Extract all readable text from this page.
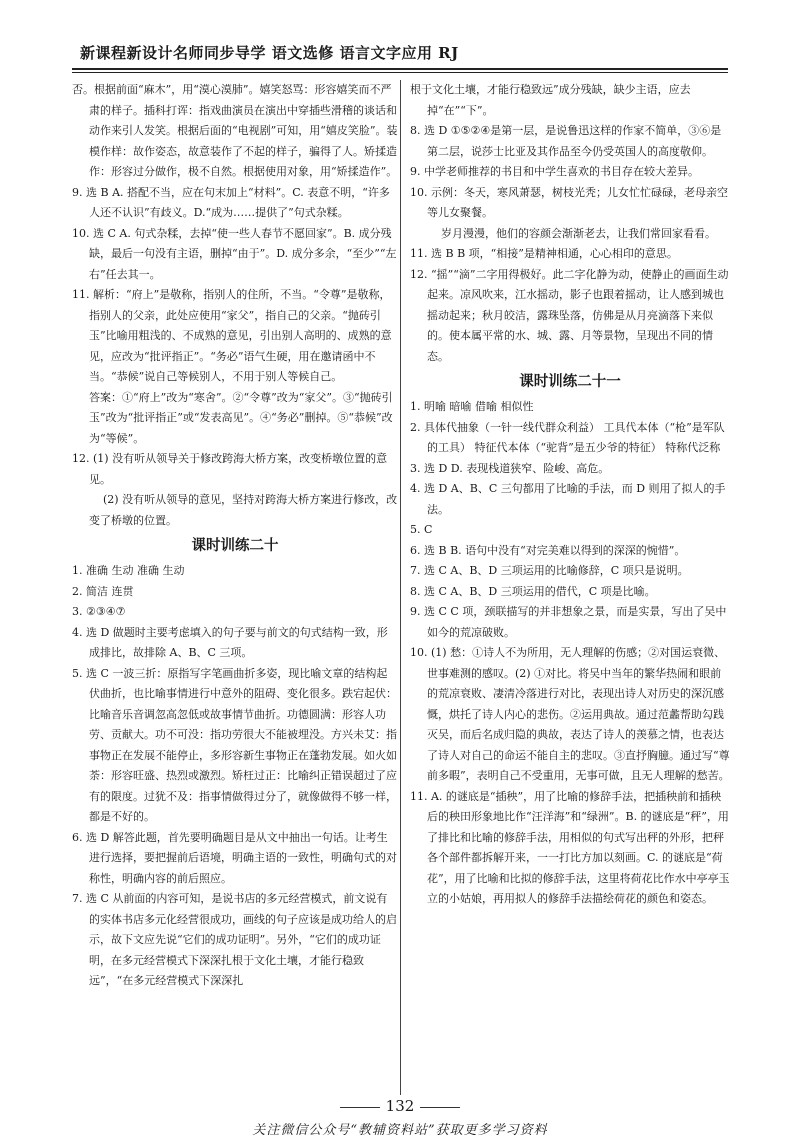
新课程新设计名师同步导学 语文选修 语言文字应用 RJ

否。根据前面“麻木”，用“漠心漠肺”。嬉笑怒骂：形容嬉笑而不严肃的样子。插科打诨：指戏曲演员在演出中穿插些滑稽的谈话和动作来引人发笑。根据后面的“电视剧”可知，用“嬉皮笑脸”。装模作样：故作姿态，故意装作了不起的样子，骗得了人。矫揉造作：形容过分做作，极不自然。根据使用对象，用“矫揉造作”。

9. 选 B A. 搭配不当，应在句末加上“材料”。C. 表意不明，“许多人还不认识”有歧义。D.“成为……提供了”句式杂糅。

10. 选 C A. 句式杂糅，去掉“使一些人春节不愿回家”。B. 成分残缺，最后一句没有主语，删掉“由于”。D. 成分多余，“至少”“左右”任去其一。

11. 解析：“府上”是敬称，指别人的住所，不当。“令尊”是敬称，指别人的父亲，此处应使用“家父”，指自己的父亲。“抛砖引玉”比喻用粗浅的、不成熟的意见，引出别人高明的、成熟的意见，应改为“批评指正”。“务必”语气生硬，用在邀请函中不当。“恭候”说自己等候别人，不用于别人等候自己。

答案：①“府上”改为“寒舍”。②“令尊”改为“家父”。③“抛砖引玉”改为“批评指正”或“发表高见”。④“务必”删掉。⑤“恭候”改为“等候”。

12. (1) 没有听从领导关于修改跨海大桥方案，改变桥墩位置的意见。

(2) 没有听从领导的意见，坚持对跨海大桥方案进行修改，改变了桥墩的位置。

课时训练二十

1. 准确 生动 准确 生动

2. 简洁 连贯

3. ②③④⑦

4. 选 D 做题时主要考虑填入的句子要与前文的句式结构一致，形成排比，故排除 A、B、C 三项。

5. 选 C 一波三折：原指写字笔画曲折多姿，现比喻文章的结构起伏曲折，也比喻事情进行中意外的阻碍、变化很多。跌宕起伏：比喻音乐音调忽高忽低或故事情节曲折。功德圆满：形容人功劳、贡献大。功不可没：指功劳很大不能被埋没。方兴未艾：指事物正在发展不能停止，多形容新生事物正在蓬勃发展。如火如荼：形容旺盛、热烈或激烈。矫枉过正：比喻纠正错误超过了应有的限度。过犹不及：指事情做得过分了，就像做得不够一样，都是不好的。

6. 选 D 解答此题，首先要明确题目是从文中抽出一句话。让考生进行选择，要把握前后语境，明确主语的一致性，明确句式的对称性，明确内容的前后照应。

7. 选 C 从前面的内容可知，是说书店的多元经营模式，前文说有的实体书店多元化经营很成功，画线的句子应该是成功给人的启示，故下文应先说“它们的成功证明”。另外，“它们的成功证明，在多元经营模式下深深扎根于文化土壤，才能行稳致远”，“在多元经营模式下深深扎

根于文化土壤，才能行稳致远”成分残缺，缺少主语，应去掉“在”“下”。

8. 选 D ①⑤②④是第一层，是说鲁迅这样的作家不简单，③⑥是第二层，说莎士比亚及其作品至今仍受英国人的高度敬仰。

9. 中学老师推荐的书目和中学生喜欢的书目存在较大差异。

10. 示例：冬天，寒风萧瑟，树枝光秃；儿女忙忙碌碌，老母亲空等儿女聚餐。

岁月漫漫，他们的容颜会渐渐老去，让我们常回家看看。

11. 选 B B 项，“相接”是精神相通，心心相印的意思。

12. “摇”“滴”二字用得极好。此二字化静为动，使静止的画面生动起来。凉风吹来，江水摇动，影子也跟着摇动，让人感到城也摇动起来；秋月皎洁，露珠坠落，仿佛是从月亮滴落下来似的。使本属平常的水、城、露、月等景物，呈现出不同的情态。

课时训练二十一

1. 明喻 暗喻 借喻 相似性

2. 具体代抽象（一针一线代群众利益） 工具代本体（“枪”是军队的工具） 特征代本体（“驼背”是五少爷的特征） 特称代泛称

3. 选 D D. 表现栈道狭窄、险峻、高危。

4. 选 D A、B、C 三句都用了比喻的手法，而 D 则用了拟人的手法。

5. C

6. 选 B B. 语句中没有“对完美难以得到的深深的惋惜”。

7. 选 C A、B、D 三项运用的比喻修辞，C 项只是说明。

8. 选 C A、B、D 三项运用的借代，C 项是比喻。

9. 选 C C 项，颈联描写的并非想象之景，而是实景，写出了吴中如今的荒凉破败。

10. (1) 愁：①诗人不为所用，无人理解的伤感；②对国运衰微、世事难测的感叹。(2) ①对比。将吴中当年的繁华热闹和眼前的荒凉衰败、凄清冷落进行对比，表现出诗人对历史的深沉感慨，烘托了诗人内心的悲伤。②运用典故。通过范蠡帮助勾践灭吴，而后名成归隐的典故，表达了诗人的羡慕之情，也表达了诗人对自己的命运不能自主的悲叹。③直抒胸臆。通过写“尊前多暇”，表明自己不受重用，无事可做，且无人理解的愁苦。

11. A. 的谜底是“插秧”，用了比喻的修辞手法，把插秧前和插秧后的秧田形象地比作“汪洋海”和“绿洲”。B. 的谜底是“秤”，用了排比和比喻的修辞手法，用相似的句式写出秤的外形，把秤各个部件都拆解开来，一一打比方加以刻画。C. 的谜底是“荷花”，用了比喻和比拟的修辞手法，这里将荷花比作水中亭亭玉立的小姑娘，再用拟人的修辞手法描绘荷花的颜色和姿态。

132
关注微信公众号“教辅资料站”获取更多学习资料
